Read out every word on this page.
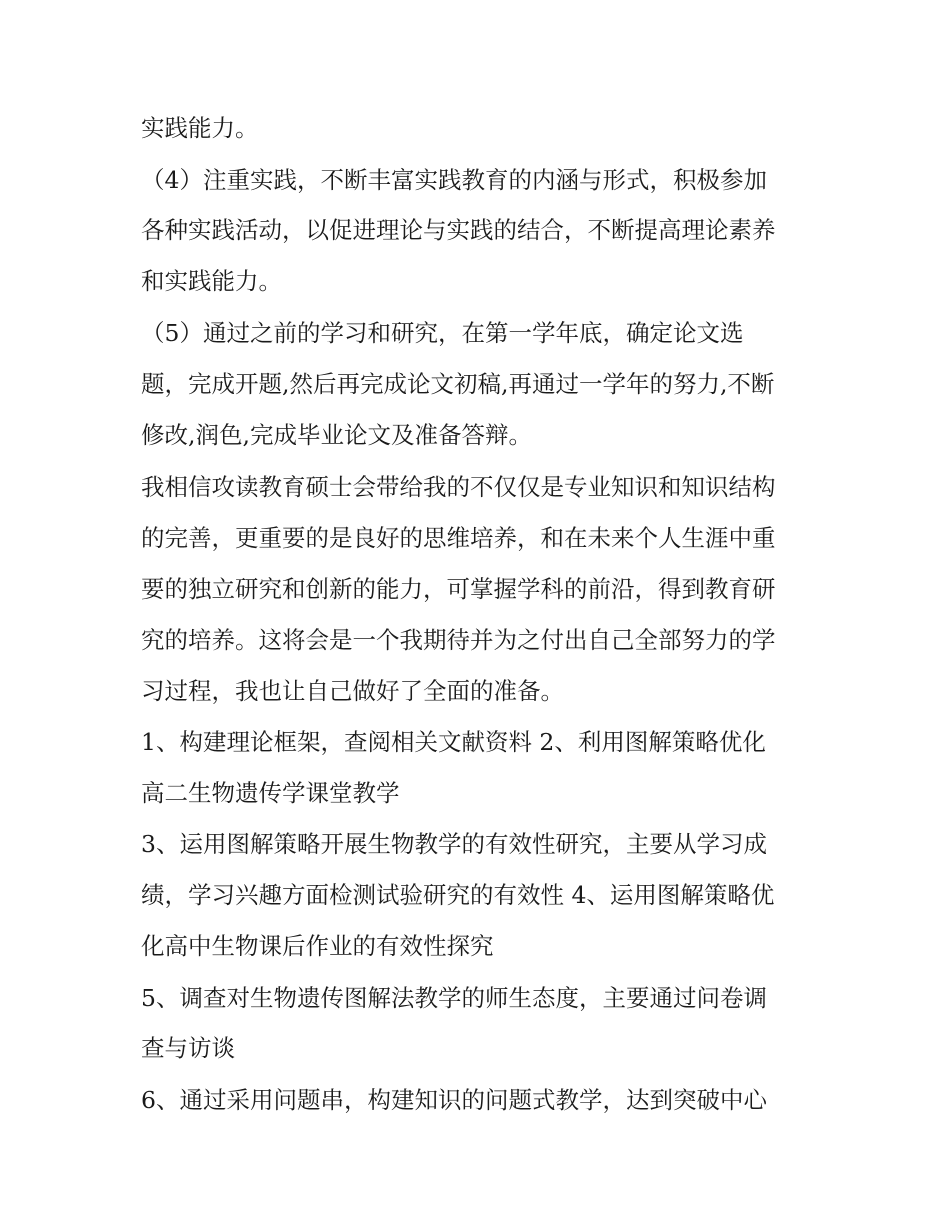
实践能力。
（4）注重实践，不断丰富实践教育的内涵与形式，积极参加
各种实践活动，以促进理论与实践的结合，不断提高理论素养
和实践能力。
（5）通过之前的学习和研究，在第一学年底，确定论文选
题，完成开题,然后再完成论文初稿,再通过一学年的努力,不断
修改,润色,完成毕业论文及准备答辩。
我相信攻读教育硕士会带给我的不仅仅是专业知识和知识结构
的完善，更重要的是良好的思维培养，和在未来个人生涯中重
要的独立研究和创新的能力，可掌握学科的前沿，得到教育研
究的培养。这将会是一个我期待并为之付出自己全部努力的学
习过程，我也让自己做好了全面的准备。
1、构建理论框架，查阅相关文献资料 2、利用图解策略优化
高二生物遗传学课堂教学
3、运用图解策略开展生物教学的有效性研究，主要从学习成
绩，学习兴趣方面检测试验研究的有效性 4、运用图解策略优
化高中生物课后作业的有效性探究
5、调查对生物遗传图解法教学的师生态度，主要通过问卷调
查与访谈
6、通过采用问题串，构建知识的问题式教学，达到突破中心
